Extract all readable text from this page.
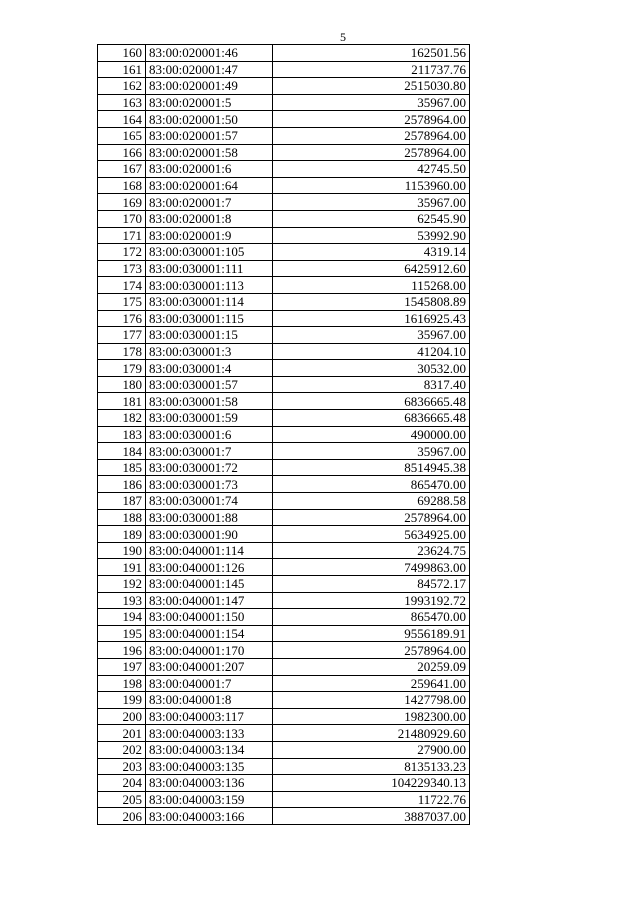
5
160	83:00:020001:46	162501.56
161	83:00:020001:47	211737.76
162	83:00:020001:49	2515030.80
163	83:00:020001:5	35967.00
164	83:00:020001:50	2578964.00
165	83:00:020001:57	2578964.00
166	83:00:020001:58	2578964.00
167	83:00:020001:6	42745.50
168	83:00:020001:64	1153960.00
169	83:00:020001:7	35967.00
170	83:00:020001:8	62545.90
171	83:00:020001:9	53992.90
172	83:00:030001:105	4319.14
173	83:00:030001:111	6425912.60
174	83:00:030001:113	115268.00
175	83:00:030001:114	1545808.89
176	83:00:030001:115	1616925.43
177	83:00:030001:15	35967.00
178	83:00:030001:3	41204.10
179	83:00:030001:4	30532.00
180	83:00:030001:57	8317.40
181	83:00:030001:58	6836665.48
182	83:00:030001:59	6836665.48
183	83:00:030001:6	490000.00
184	83:00:030001:7	35967.00
185	83:00:030001:72	8514945.38
186	83:00:030001:73	865470.00
187	83:00:030001:74	69288.58
188	83:00:030001:88	2578964.00
189	83:00:030001:90	5634925.00
190	83:00:040001:114	23624.75
191	83:00:040001:126	7499863.00
192	83:00:040001:145	84572.17
193	83:00:040001:147	1993192.72
194	83:00:040001:150	865470.00
195	83:00:040001:154	9556189.91
196	83:00:040001:170	2578964.00
197	83:00:040001:207	20259.09
198	83:00:040001:7	259641.00
199	83:00:040001:8	1427798.00
200	83:00:040003:117	1982300.00
201	83:00:040003:133	21480929.60
202	83:00:040003:134	27900.00
203	83:00:040003:135	8135133.23
204	83:00:040003:136	104229340.13
205	83:00:040003:159	11722.76
206	83:00:040003:166	3887037.00
